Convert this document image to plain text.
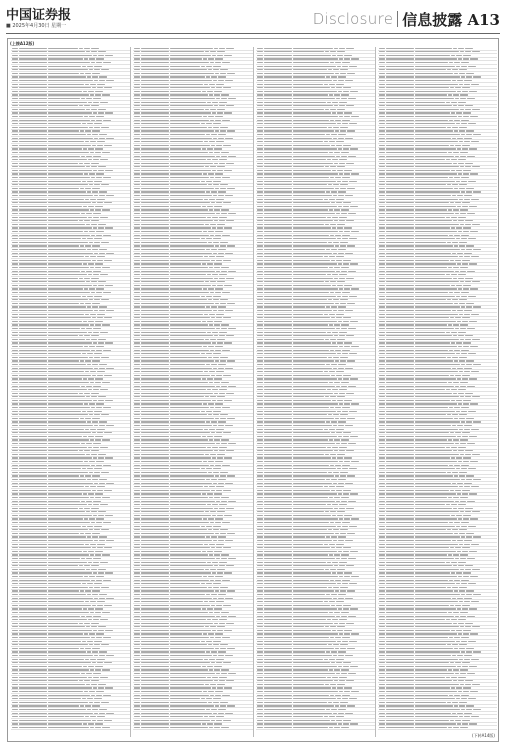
中国证券报
■ 2025年4月30日 星期一	Disclosure 信息披露 A13
(上接A12版)
(下转A14版)
